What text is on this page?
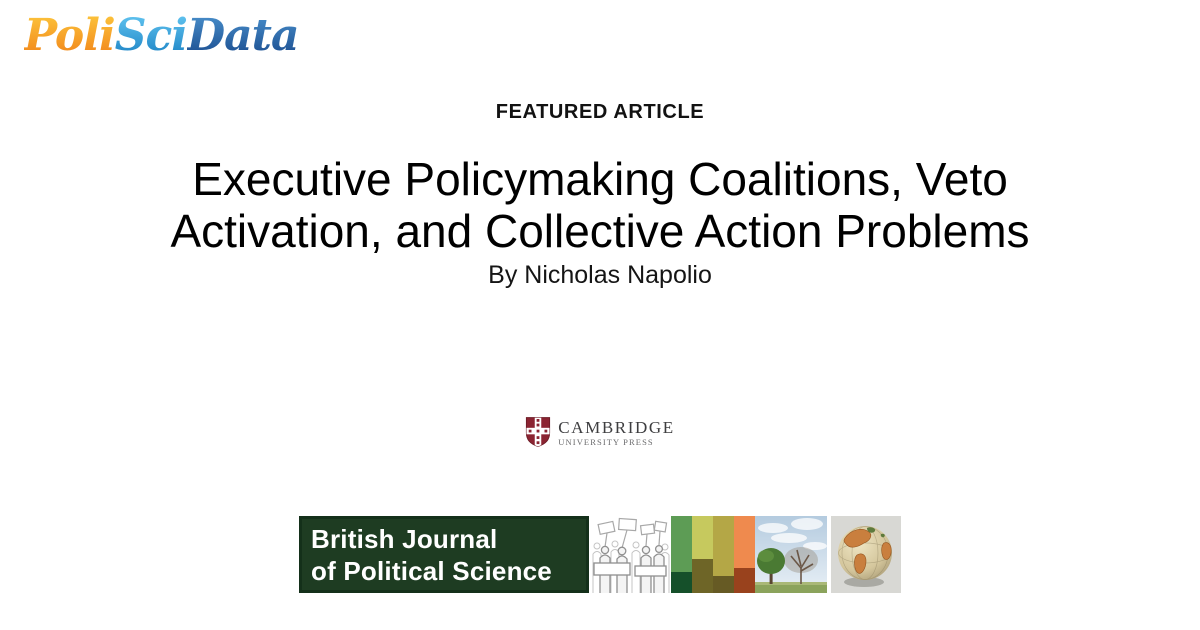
PoliSciData
FEATURED ARTICLE
Executive Policymaking Coalitions, Veto
Activation, and Collective Action Problems
By Nicholas Napolio
CAMBRIDGE
UNIVERSITY PRESS
British Journal
of Political Science
